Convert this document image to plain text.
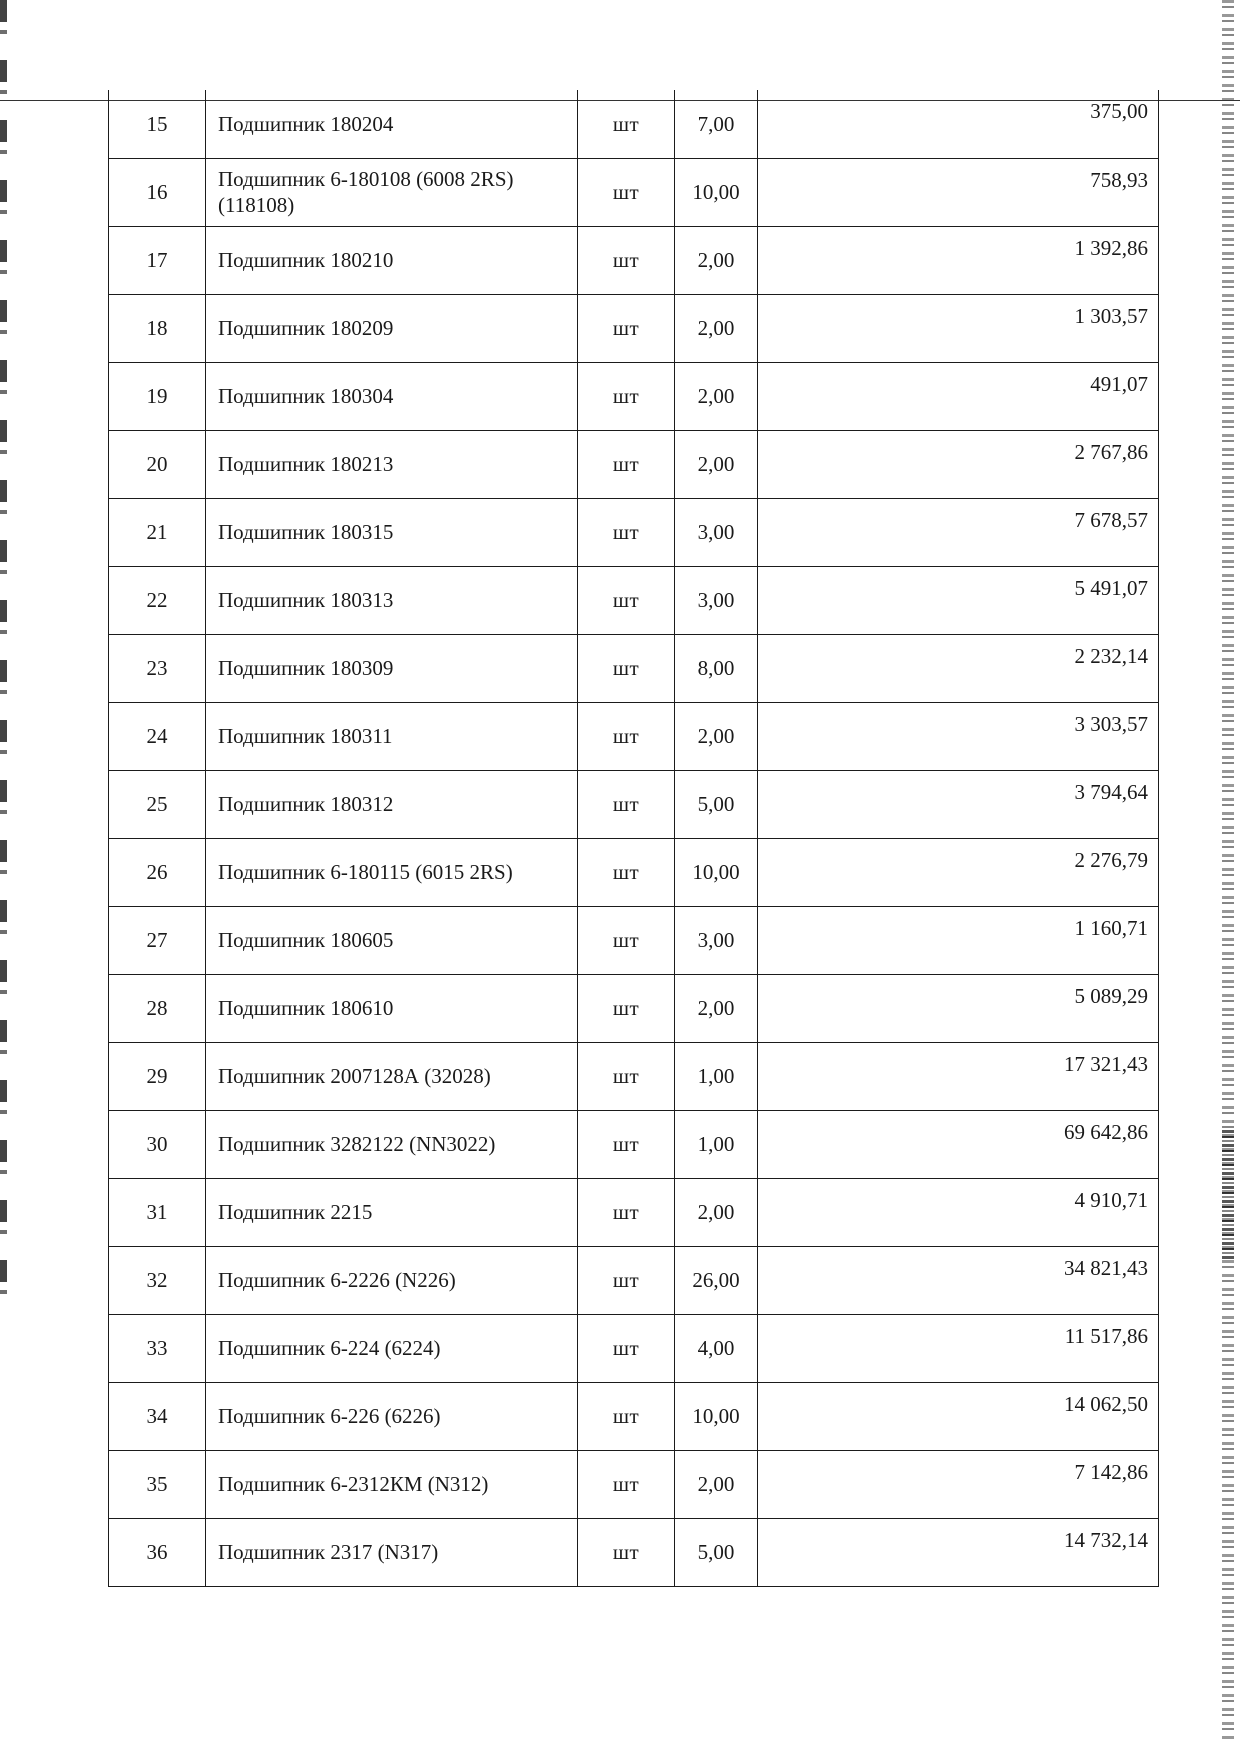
15	Подшипник 180204	шт	7,00	375,00
16	Подшипник 6-180108 (6008 2RS) (118108)	шт	10,00	758,93
17	Подшипник 180210	шт	2,00	1 392,86
18	Подшипник 180209	шт	2,00	1 303,57
19	Подшипник 180304	шт	2,00	491,07
20	Подшипник 180213	шт	2,00	2 767,86
21	Подшипник 180315	шт	3,00	7 678,57
22	Подшипник 180313	шт	3,00	5 491,07
23	Подшипник 180309	шт	8,00	2 232,14
24	Подшипник 180311	шт	2,00	3 303,57
25	Подшипник 180312	шт	5,00	3 794,64
26	Подшипник 6-180115 (6015 2RS)	шт	10,00	2 276,79
27	Подшипник 180605	шт	3,00	1 160,71
28	Подшипник 180610	шт	2,00	5 089,29
29	Подшипник 2007128А (32028)	шт	1,00	17 321,43
30	Подшипник 3282122 (NN3022)	шт	1,00	69 642,86
31	Подшипник 2215	шт	2,00	4 910,71
32	Подшипник 6-2226 (N226)	шт	26,00	34 821,43
33	Подшипник 6-224 (6224)	шт	4,00	11 517,86
34	Подшипник 6-226 (6226)	шт	10,00	14 062,50
35	Подшипник 6-2312КМ (N312)	шт	2,00	7 142,86
36	Подшипник 2317 (N317)	шт	5,00	14 732,14
